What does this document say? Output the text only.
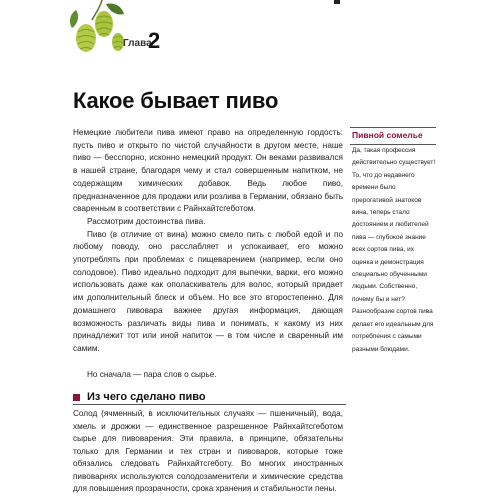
Глава
2
Какое бывает пиво

Немецкие любители пива имеют право на определенную гордость: пусть пиво и открыто по чистой случайности в другом месте, наше пиво — бесспорно, исконно немецкий продукт. Он веками развивался в нашей стране, благодаря чему и стал совершенным напитком, не содержащим химических добавок. Ведь любое пиво, предназначенное для продажи или розлива в Германии, обязано быть сваренным в соответствии с Райнхайтсгеботом.

Рассмотрим достоинства пива.

Пиво (в отличие от вина) можно смело пить с любой едой и по любому поводу, оно расслабляет и успокаивает, его можно употреблять при проблемах с пищеварением (например, если оно солодовое). Пиво идеально подходит для выпечки, варки, его можно использовать даже как ополаскиватель для волос, который придает им дополнительный блеск и объем. Но все это второстепенно. Для домашнего пивовара важнее другая информация, дающая возможность различать виды пива и понимать, к какому из них принадлежит тот или иной напиток — в том числе и сваренный им самим.

Но сначала — пара слов о сырье.

Пивной сомелье
Да, такая профессия действительно существует! То, что до недавнего времени было прерогативой знатоков вина, теперь стало достоянием и любителей пива — глубокое знание всех сортов пива, их оценка и демонстрация специально обученными людьми. Собственно, почему бы и нет? Разнообразие сортов пива делает его идеальным для потребления с самыми разными блюдами.
Из чего сделано пиво
Солод (ячменный, в исключительных случаях — пшеничный), вода, хмель и дрожжи — единственное разрешенное Райнхайтсгеботом сырье для пивоварения. Эти правила, в принципе, обязательны только для Германии и тех стран и пивоваров, которые тоже обязались следовать Райнхайтсгеботу. Во многих иностранных пивоварнях используются солодозаменители и химические средства для повышения прозрачности, срока хранения и стабильности пены.
